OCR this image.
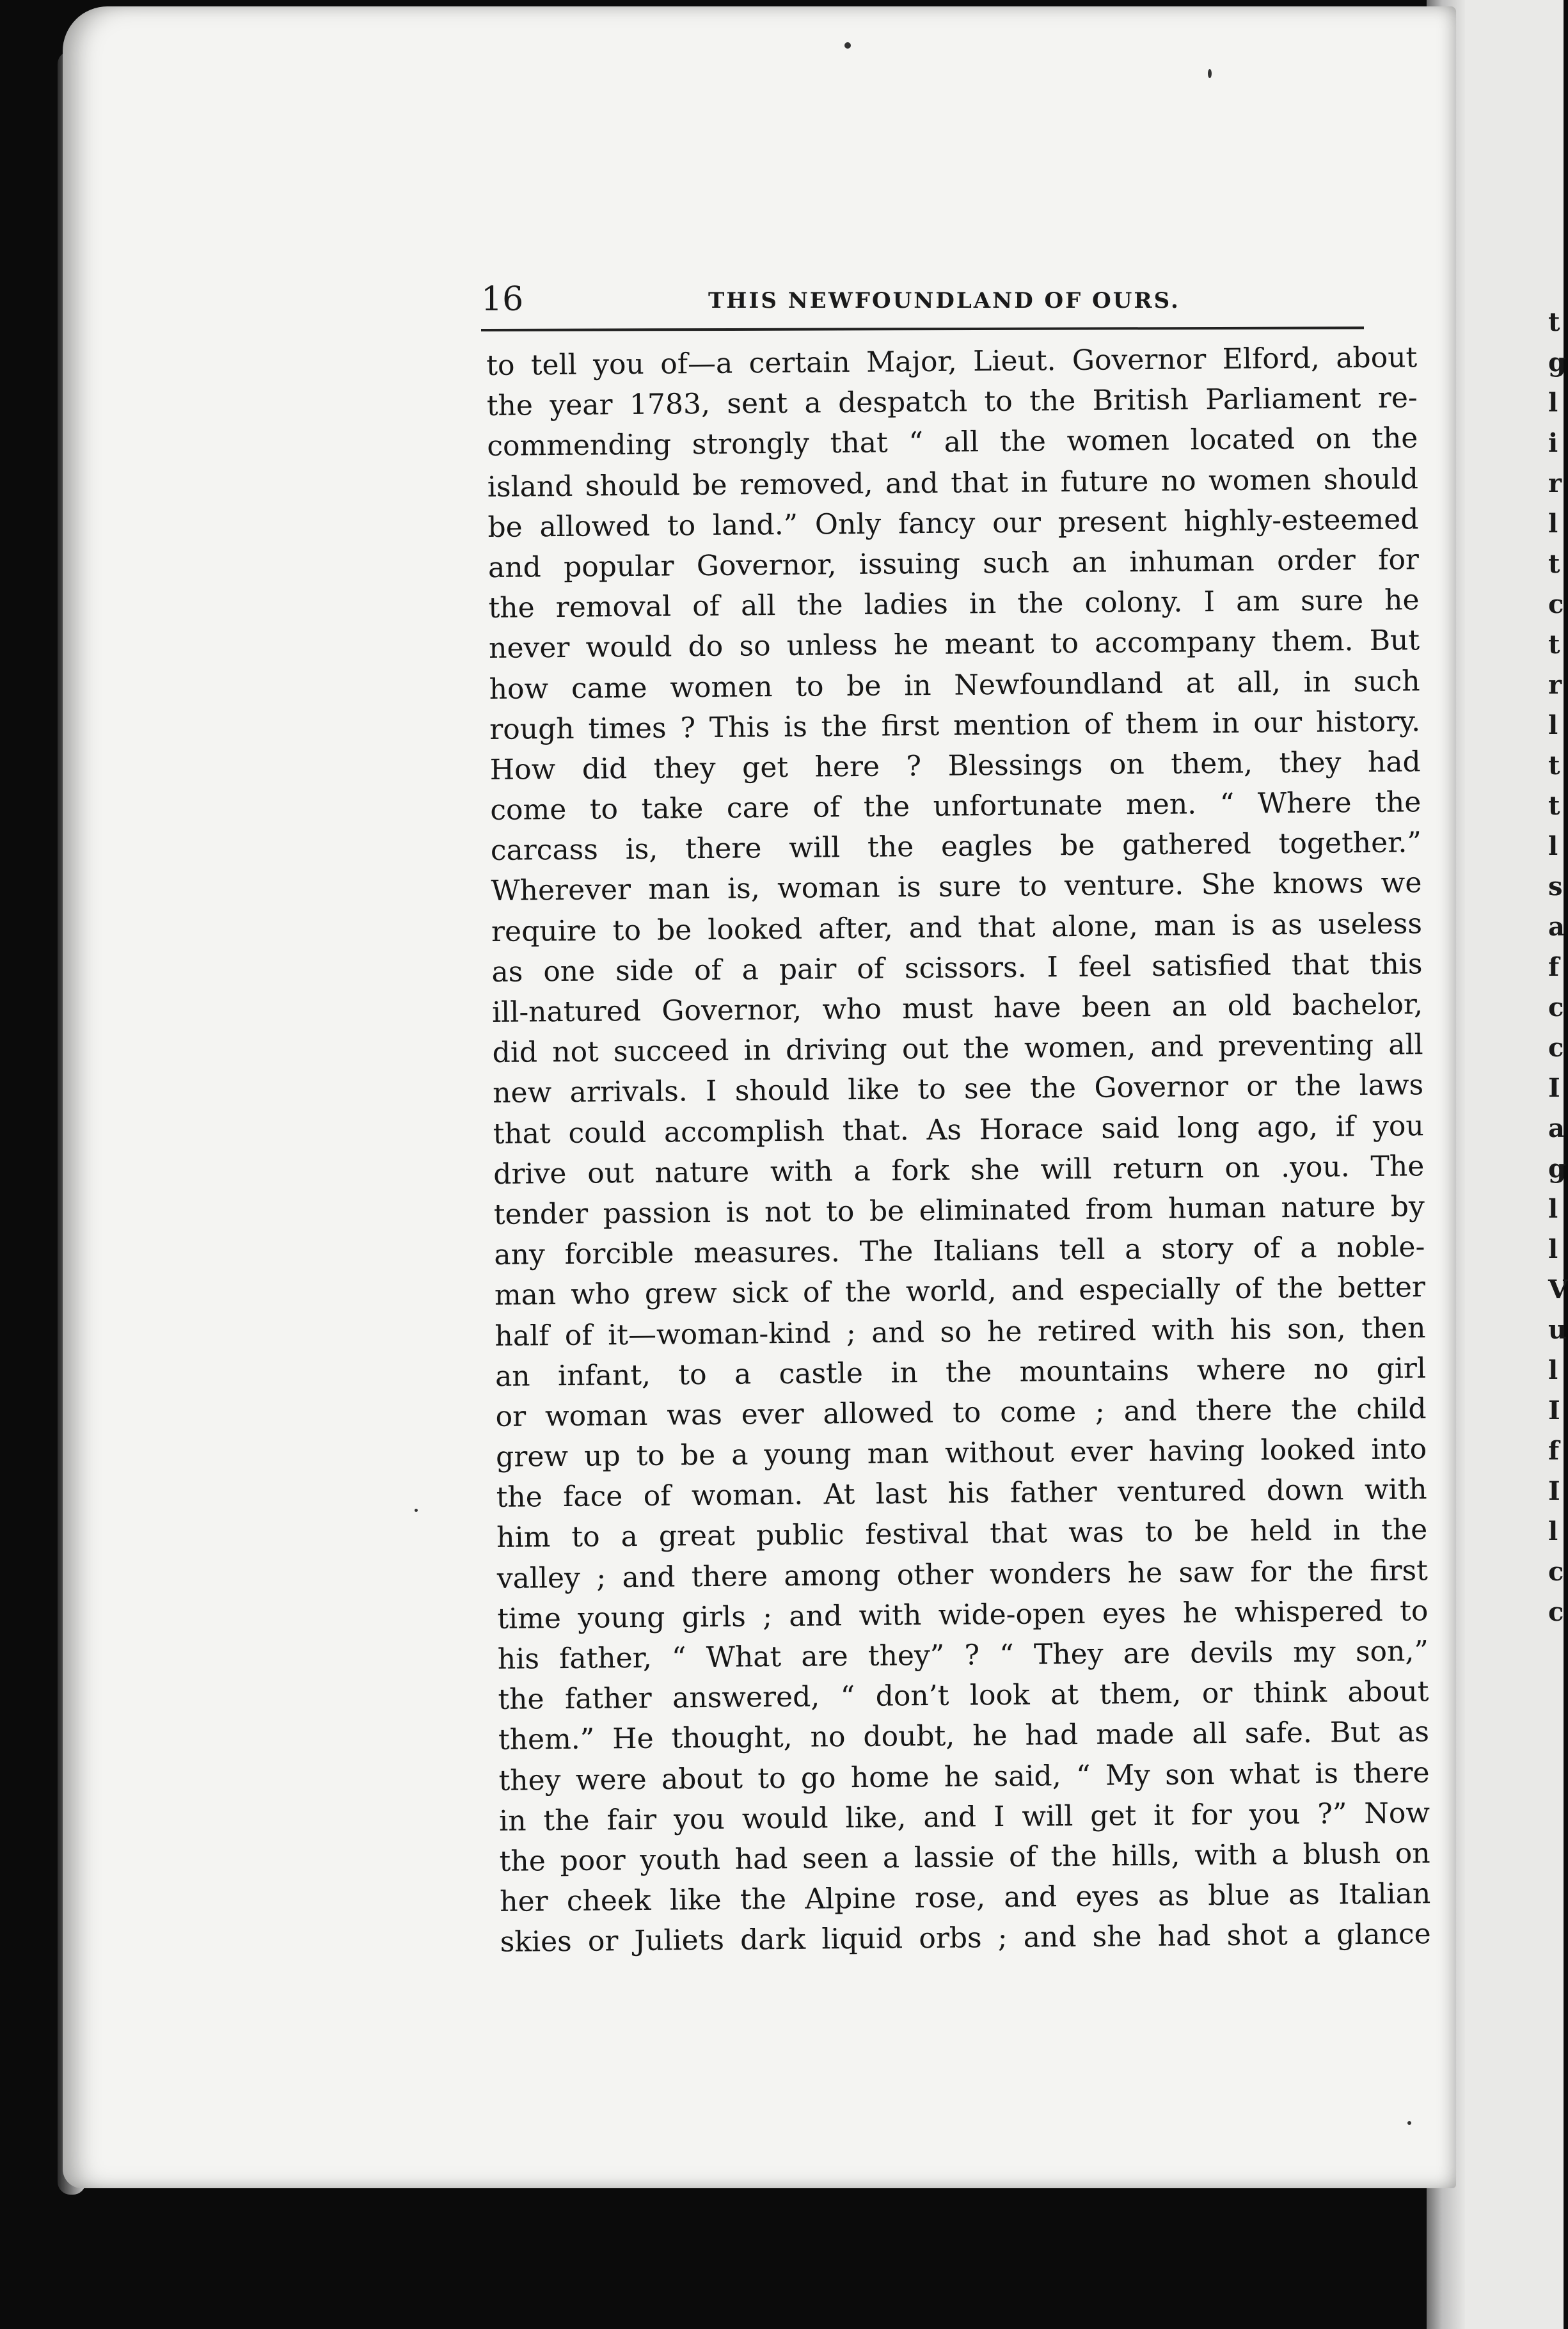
t
g
l
i
r
l
t
c
t
r
l
t
t
l
s
a
f
c
c
I
a
g
l
l
V
u
l
I
f
I
l
c
c
16	THIS NEWFOUNDLAND OF OURS.
to tell you of—a certain Major, Lieut. Governor Elford, about
the year 1783, sent a despatch to the British Parliament re-
commending strongly that “ all the women located on the
island should be removed, and that in future no women should
be allowed to land.” Only fancy our present highly-esteemed
and popular Governor, issuing such an inhuman order for
the removal of all the ladies in the colony. I am sure he
never would do so unless he meant to accompany them. But
how came women to be in Newfoundland at all, in such
rough times ? This is the first mention of them in our history.
How did they get here ? Blessings on them, they had
come to take care of the unfortunate men. “ Where the
carcass is, there will the eagles be gathered together.”
Wherever man is, woman is sure to venture. She knows we
require to be looked after, and that alone, man is as useless
as one side of a pair of scissors. I feel satisfied that this
ill-natured Governor, who must have been an old bachelor,
did not succeed in driving out the women, and preventing all
new arrivals. I should like to see the Governor or the laws
that could accomplish that. As Horace said long ago, if you
drive out nature with a fork she will return on .you. The
tender passion is not to be eliminated from human nature by
any forcible measures. The Italians tell a story of a noble-
man who grew sick of the world, and especially of the better
half of it—woman-kind ; and so he retired with his son, then
an infant, to a castle in the mountains where no girl
or woman was ever allowed to come ; and there the child
grew up to be a young man without ever having looked into
the face of woman. At last his father ventured down with
him to a great public festival that was to be held in the
valley ; and there among other wonders he saw for the first
time young girls ; and with wide-open eyes he whispered to
his father, “ What are they” ? “ They are devils my son,”
the father answered, “ don’t look at them, or think about
them.” He thought, no doubt, he had made all safe. But as
they were about to go home he said, “ My son what is there
in the fair you would like, and I will get it for you ?” Now
the poor youth had seen a lassie of the hills, with a blush on
her cheek like the Alpine rose, and eyes as blue as Italian
skies or Juliets dark liquid orbs ; and she had shot a glance
